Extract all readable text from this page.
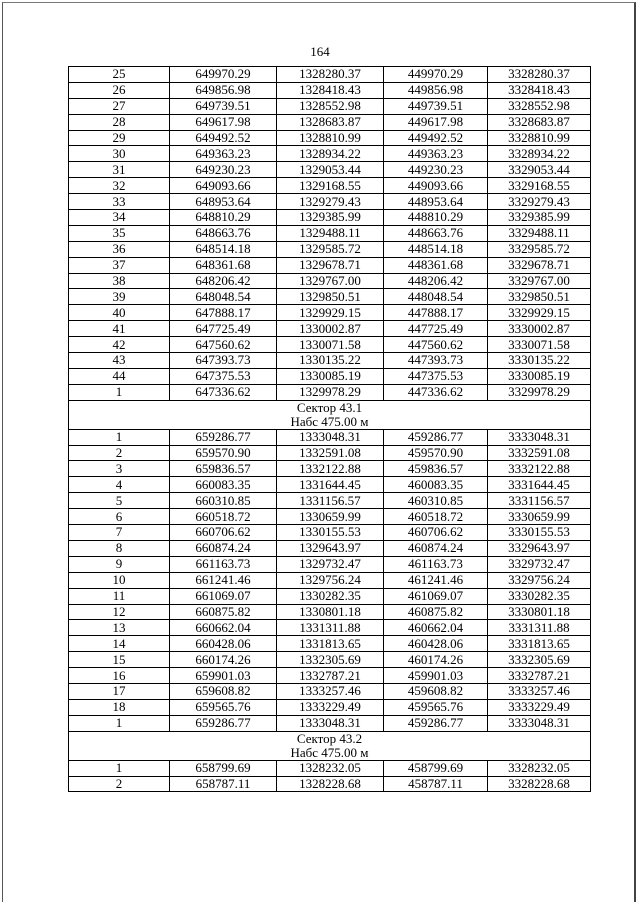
164
25	649970.29	1328280.37	449970.29	3328280.37
26	649856.98	1328418.43	449856.98	3328418.43
27	649739.51	1328552.98	449739.51	3328552.98
28	649617.98	1328683.87	449617.98	3328683.87
29	649492.52	1328810.99	449492.52	3328810.99
30	649363.23	1328934.22	449363.23	3328934.22
31	649230.23	1329053.44	449230.23	3329053.44
32	649093.66	1329168.55	449093.66	3329168.55
33	648953.64	1329279.43	448953.64	3329279.43
34	648810.29	1329385.99	448810.29	3329385.99
35	648663.76	1329488.11	448663.76	3329488.11
36	648514.18	1329585.72	448514.18	3329585.72
37	648361.68	1329678.71	448361.68	3329678.71
38	648206.42	1329767.00	448206.42	3329767.00
39	648048.54	1329850.51	448048.54	3329850.51
40	647888.17	1329929.15	447888.17	3329929.15
41	647725.49	1330002.87	447725.49	3330002.87
42	647560.62	1330071.58	447560.62	3330071.58
43	647393.73	1330135.22	447393.73	3330135.22
44	647375.53	1330085.19	447375.53	3330085.19
1	647336.62	1329978.29	447336.62	3329978.29

Сектор 43.1
Набс 475.00 м				

1	659286.77	1333048.31	459286.77	3333048.31
2	659570.90	1332591.08	459570.90	3332591.08
3	659836.57	1332122.88	459836.57	3332122.88
4	660083.35	1331644.45	460083.35	3331644.45
5	660310.85	1331156.57	460310.85	3331156.57
6	660518.72	1330659.99	460518.72	3330659.99
7	660706.62	1330155.53	460706.62	3330155.53
8	660874.24	1329643.97	460874.24	3329643.97
9	661163.73	1329732.47	461163.73	3329732.47
10	661241.46	1329756.24	461241.46	3329756.24
11	661069.07	1330282.35	461069.07	3330282.35
12	660875.82	1330801.18	460875.82	3330801.18
13	660662.04	1331311.88	460662.04	3331311.88
14	660428.06	1331813.65	460428.06	3331813.65
15	660174.26	1332305.69	460174.26	3332305.69
16	659901.03	1332787.21	459901.03	3332787.21
17	659608.82	1333257.46	459608.82	3333257.46
18	659565.76	1333229.49	459565.76	3333229.49
1	659286.77	1333048.31	459286.77	3333048.31

Сектор 43.2
Набс 475.00 м				

1	658799.69	1328232.05	458799.69	3328232.05
2	658787.11	1328228.68	458787.11	3328228.68
